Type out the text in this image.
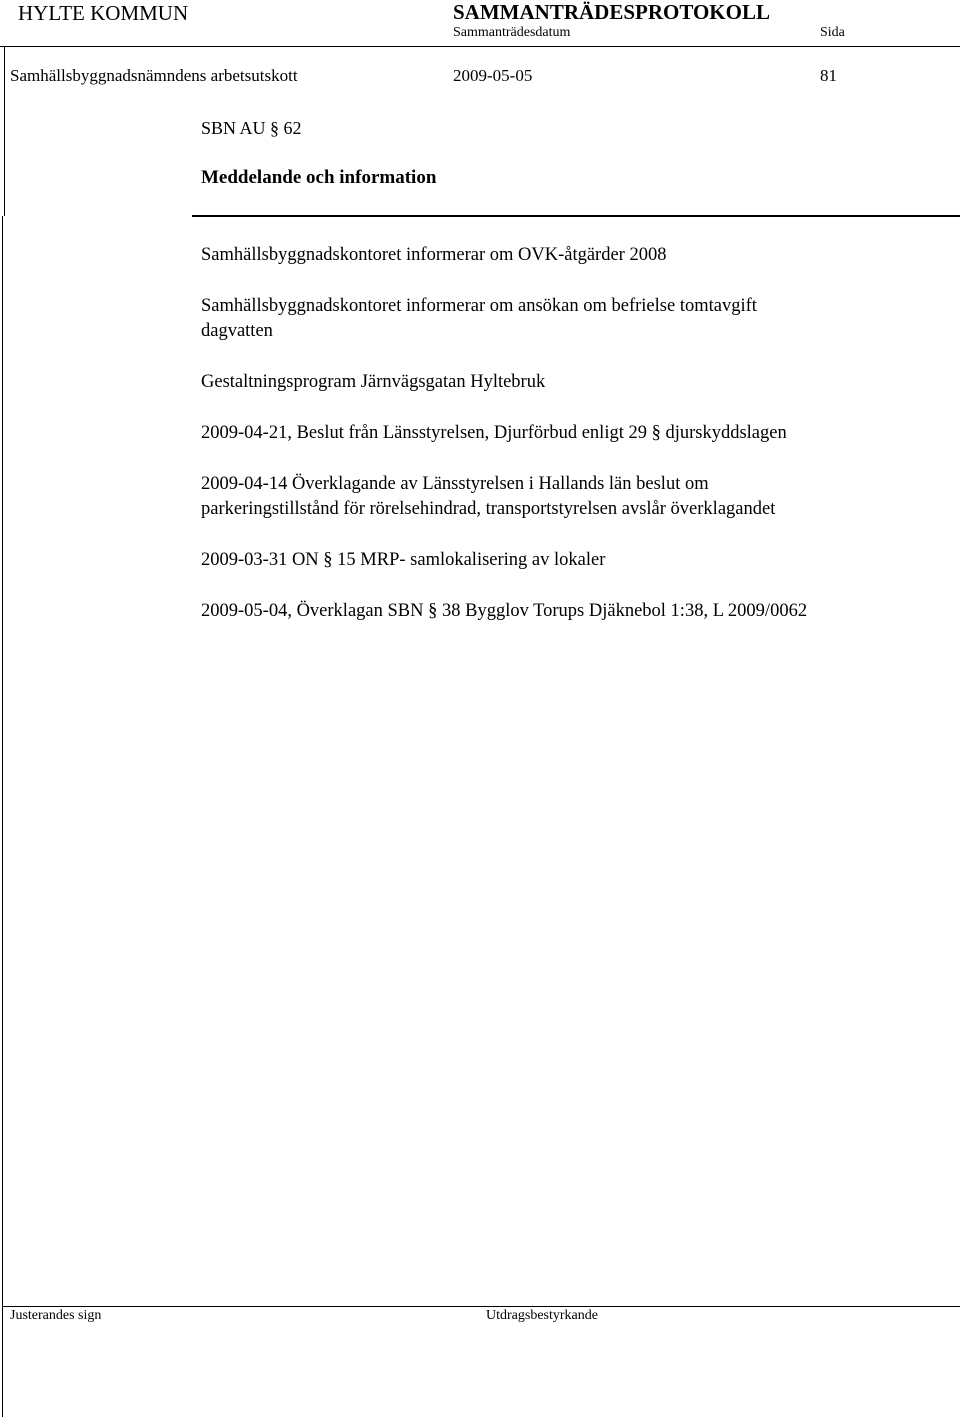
HYLTE KOMMUN	SAMMANTRÄDESPROTOKOLL
Sammanträdesdatum	Sida
Samhällsbyggnadsnämndens arbetsutskott	2009-05-05	81
SBN AU § 62
Meddelande och information
Samhällsbyggnadskontoret informerar om OVK-åtgärder 2008
Samhällsbyggnadskontoret informerar om ansökan om befrielse tomtavgift
dagvatten
Gestaltningsprogram Järnvägsgatan Hyltebruk
2009-04-21, Beslut från Länsstyrelsen, Djurförbud enligt 29 § djurskyddslagen
2009-04-14 Överklagande av Länsstyrelsen i Hallands län beslut om
parkeringstillstånd för rörelsehindrad, transportstyrelsen avslår överklagandet
2009-03-31 ON § 15 MRP- samlokalisering av lokaler
2009-05-04, Överklagan SBN § 38 Bygglov Torups Djäknebol 1:38, L 2009/0062
Justerandes sign	Utdragsbestyrkande
